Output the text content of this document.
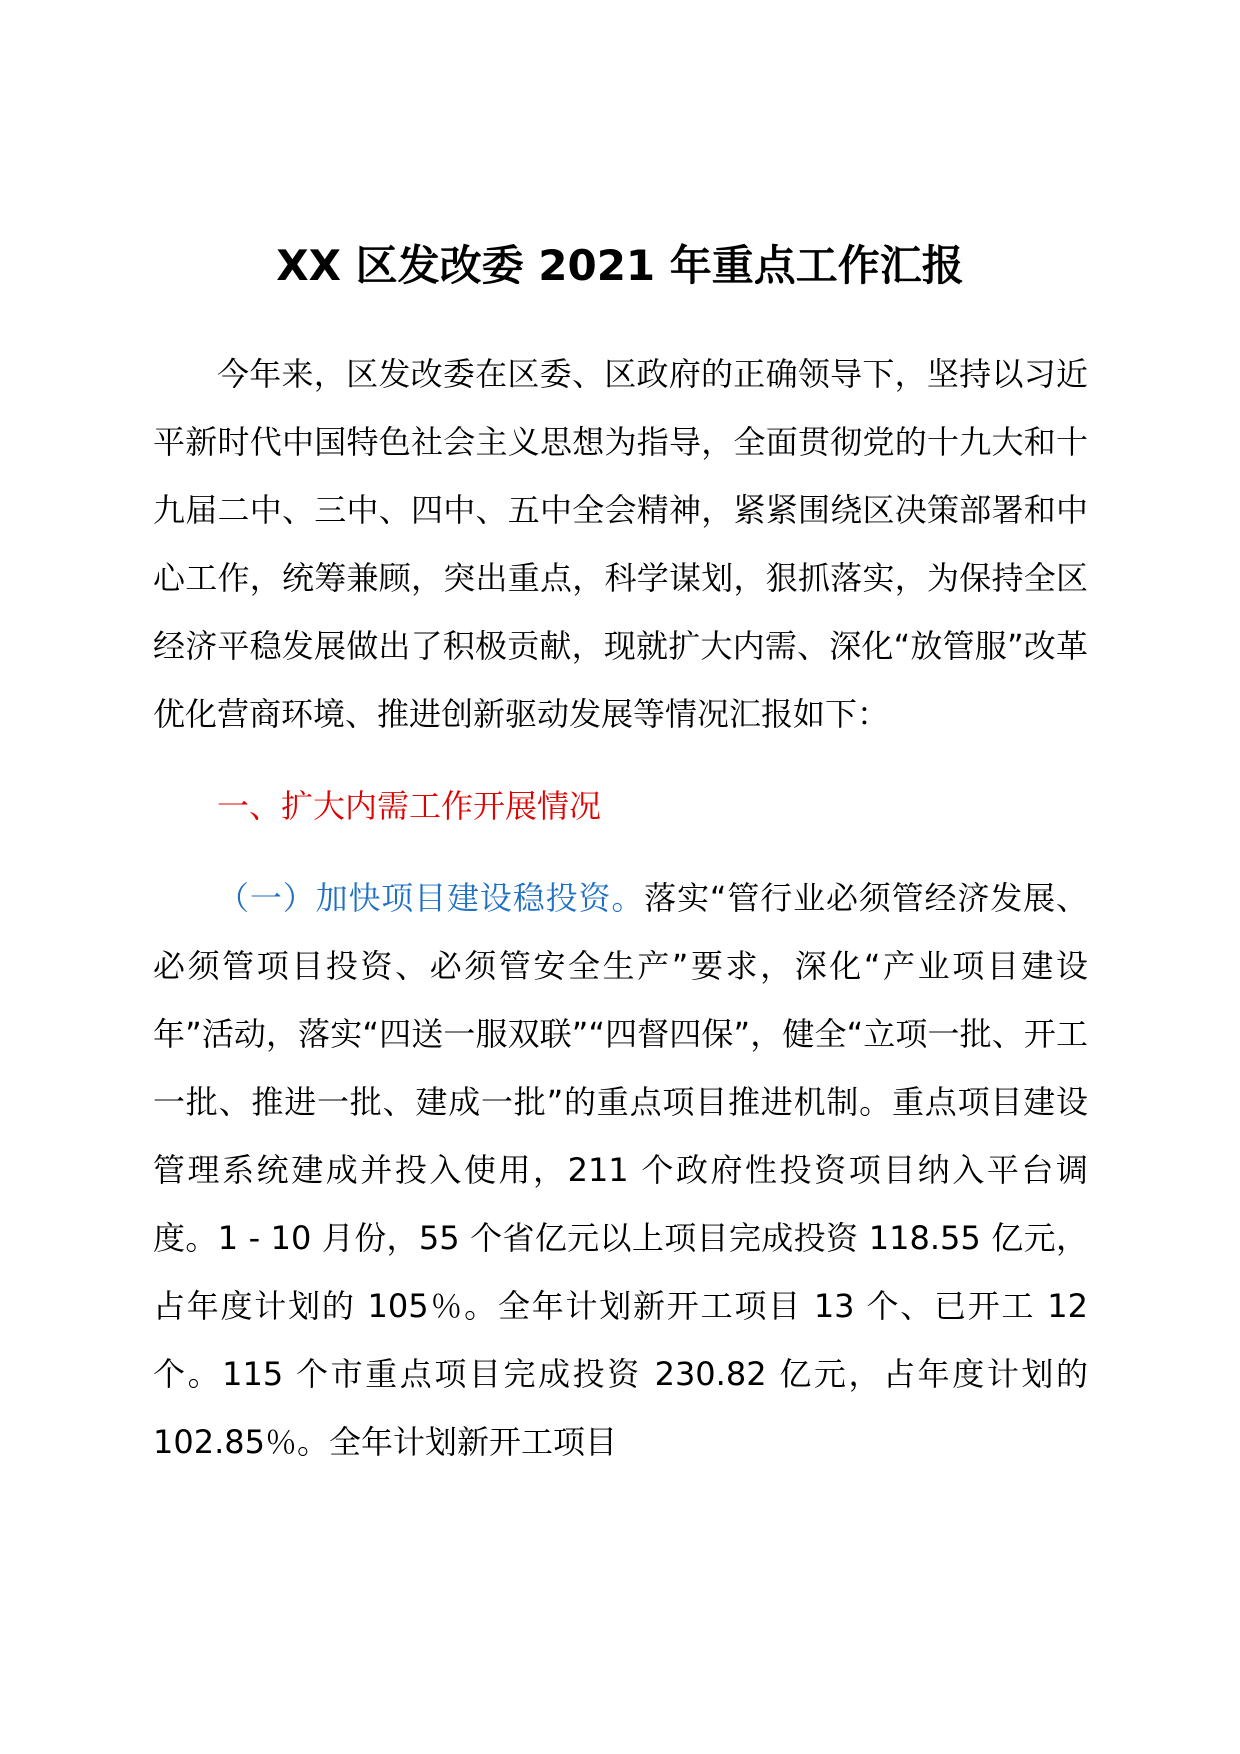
XX 区发改委 2021 年重点工作汇报

今年来，区发改委在区委、区政府的正确领导下，坚持以习近平新时代中国特色社会主义思想为指导，全面贯彻党的十九大和十九届二中、三中、四中、五中全会精神，紧紧围绕区决策部署和中心工作，统筹兼顾，突出重点，科学谋划，狠抓落实，为保持全区经济平稳发展做出了积极贡献，现就扩大内需、深化“放管服”改革优化营商环境、推进创新驱动发展等情况汇报如下：

一、扩大内需工作开展情况

（一）加快项目建设稳投资。落实“管行业必须管经济发展、必须管项目投资、必须管安全生产”要求，深化“产业项目建设年”活动，落实“四送一服双联”“四督四保”，健全“立项一批、开工一批、推进一批、建成一批”的重点项目推进机制。重点项目建设管理系统建成并投入使用，211 个政府性投资项目纳入平台调度。1 - 10 月份，55 个省亿元以上项目完成投资 118.55 亿元，占年度计划的 105％。全年计划新开工项目 13 个、已开工 12 个。115 个市重点项目完成投资 230.82 亿元，占年度计划的 102.85％。全年计划新开工项目
